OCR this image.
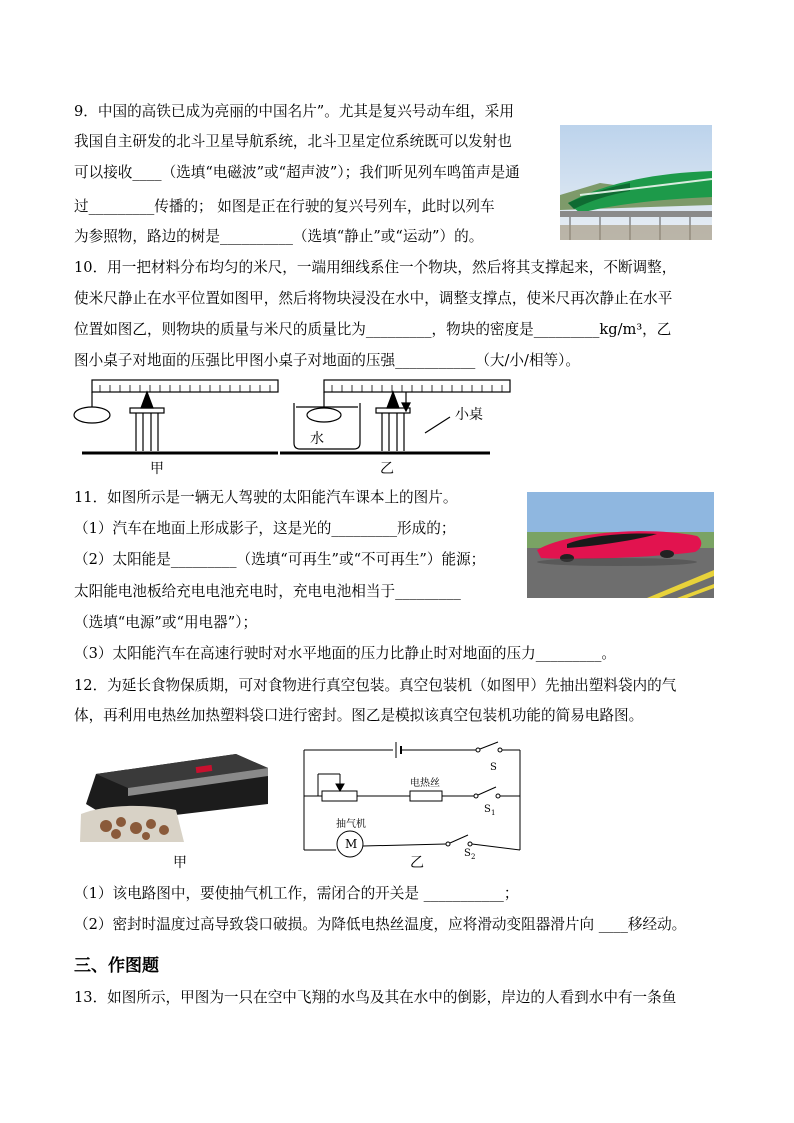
9．中国的高铁已成为亮丽的中国名片”。尤其是复兴号动车组，采用
我国自主研发的北斗卫星导航系统，北斗卫星定位系统既可以发射也
可以接收____（选填“电磁波”或“超声波”）；我们听见列车鸣笛声是通
过_________传播的； 如图是正在行驶的复兴号列车，此时以列车
为参照物，路边的树是__________（选填“静止”或“运动”）的。
10．用一把材料分布均匀的米尺，一端用细线系住一个物块，然后将其支撑起来，不断调整，
使米尺静止在水平位置如图甲，然后将物块浸没在水中，调整支撑点，使米尺再次静止在水平
位置如图乙，则物块的质量与米尺的质量比为_________，物块的密度是_________kg/m³，乙
图小桌子对地面的压强比甲图小桌子对地面的压强___________（大/小/相等）。
水
小桌
甲	乙
11．如图所示是一辆无人驾驶的太阳能汽车课本上的图片。
（1）汽车在地面上形成影子，这是光的_________形成的；
（2）太阳能是_________（选填“可再生”或“不可再生”）能源；
太阳能电池板给充电电池充电时，充电电池相当于_________
（选填“电源”或“用电器”）；
（3）太阳能汽车在高速行驶时对水平地面的压力比静止时对地面的压力_________。
12．为延长食物保质期，可对食物进行真空包装。真空包装机（如图甲）先抽出塑料袋内的气
体，再利用电热丝加热塑料袋口进行密封。图乙是模拟该真空包装机功能的简易电路图。
甲
S
电热丝
S 1
抽气机
M
S 2
乙
（1）该电路图中，要使抽气机工作，需闭合的开关是 ___________；
（2）密封时温度过高导致袋口破损。为降低电热丝温度，应将滑动变阻器滑片向 ____移经动。
三、作图题
13．如图所示，甲图为一只在空中飞翔的水鸟及其在水中的倒影，岸边的人看到水中有一条鱼
